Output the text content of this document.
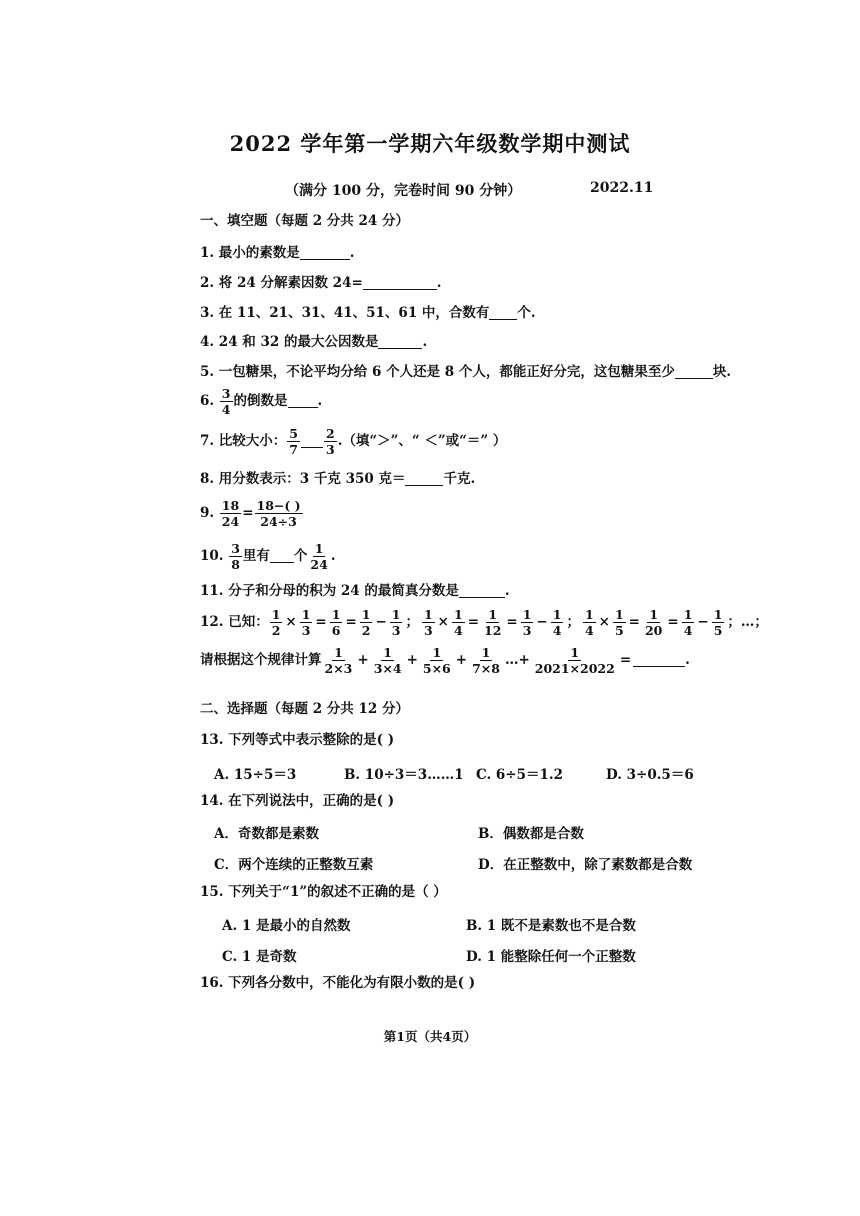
2022 学年第一学期六年级数学期中测试
（满分 100 分，完卷时间 90 分钟）	2022.11
一、填空题（每题 2 分共 24 分）
1. 最小的素数是	.
2. 将 24 分解素因数 24=	.
3. 在 11、21、31、41、51、61 中，合数有 个.
4. 24 和 32 的最大公因数是	.
5. 一包糖果，不论平均分给 6 个人还是 8 个人，都能正好分完，这包糖果至少	块.
6. $\frac{3}{4}$ 的倒数是 .
7. 比较大小： $\frac{5}{7} \frac{2}{3}$ .（填“＞”、“ ＜”或“＝” ）
8. 用分数表示：3 千克 350 克＝	千克.
9. $\frac{18}{24} = \frac{18-( )}{24\div 3}$
10. $\frac{3}{8}$ 里有 个 $\frac{1}{24}$ .
11. 分子和分母的积为 24 的最简真分数是	.
12. 已知： $\frac{1}{2} \times \frac{1}{3} = \frac{1}{6} = \frac{1}{2} - \frac{1}{3}$ ； $\frac{1}{3} \times \frac{1}{4} = \frac{1}{12} = \frac{1}{3} - \frac{1}{4}$ ； $\frac{1}{4} \times \frac{1}{5} = \frac{1}{20} = \frac{1}{4} - \frac{1}{5}$ ；…；
请根据这个规律计算 $\frac{1}{2\times 3} + \frac{1}{3\times 4} + \frac{1}{5\times 6} + \frac{1}{7\times 8}$ …+ $\frac{1}{2021\times 2022}$ =	.
二、选择题（每题 2 分共 12 分）
13. 下列等式中表示整除的是( )
A. 15÷5＝3	B. 10÷3＝3……1 C. 6÷5＝1.2	D. 3÷0.5＝6
14. 在下列说法中，正确的是( )
A．奇数都是素数	B．偶数都是合数
C．两个连续的正整数互素	D．在正整数中，除了素数都是合数
15. 下列关于“1”的叙述不正确的是（ ）
A. 1 是最小的自然数	B. 1 既不是素数也不是合数
C. 1 是奇数	D. 1 能整除任何一个正整数
16. 下列各分数中，不能化为有限小数的是( )
第1页（共4页）
